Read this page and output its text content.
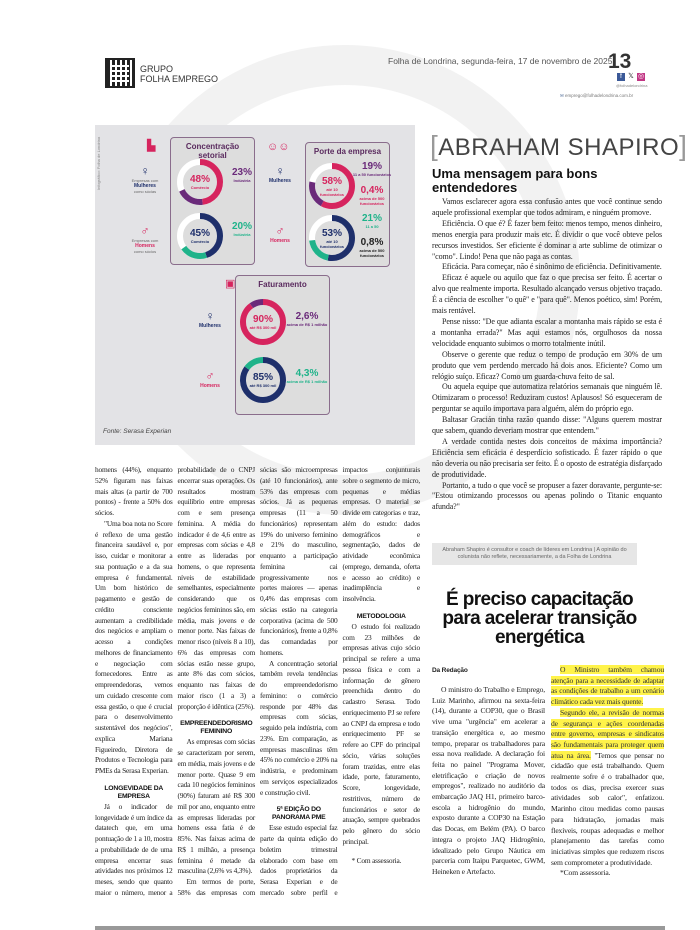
GRUPO
FOLHA EMPREGO
Folha de Londrina, segunda-feira, 17 de novembro de 2025
13
f 𝕏 ◎
@folhadelondrina
✉ emprego@folhadelondrina.com.br
Infográfico: Folha de Londrina	▙	☺☺
▣
♀
Empresas com
Mulheres
como sócias
♂
Empresas com
Homens
como sócios
♀
Mulheres
♂
Homens
♀
Mulheres
♂
Homens
Concentração setorial
48%
Comércio
23%
Indústria
45%
Comércio
20%
Indústria
Porte da empresa
58%
até 10 funcionários
19%
11 a 50 funcionários
0,4%
acima de 500 funcionários
53%
até 10 funcionários
21%
11 a 50
0,8%
acima de 500 funcionários
Faturamento
90%
até R$ 300 mil
2,6%
acima de R$ 1 milhão
85%
até R$ 300 mil
4,3%
acima de R$ 1 milhão
Fonte: Serasa Experian

homens (44%), enquanto 52% figuram nas faixas mais altas (a partir de 700 pontos) - frente a 50% dos sócios.

"Uma boa nota no Score é reflexo de uma gestão financeira saudável e, por isso, cuidar e monitorar a sua pontuação e a da sua empresa é fundamental. Um bom histórico de pagamento e gestão de crédito consciente aumentam a credibilidade dos negócios e ampliam o acesso a condições melhores de financiamento e negociação com fornecedores. Entre as empreendedoras, vemos um cuidado crescente com essa gestão, o que é crucial para o desenvolvimento sustentável dos negócios", explica Mariana Figueiredo, Diretora de Produtos e Tecnologia para PMEs da Serasa Experian.

LONGEVIDADE DA EMPRESA

Já o indicador de longevidade é um índice da datatech que, em uma pontuação de 1 a 10, mostra a probabilidade de de uma empresa encerrar suas atividades nos próximos 12 meses, sendo que quanto maior o número, menor a probabilidade de o CNPJ encerrar suas operações. Os resultados mostram equilíbrio entre empresas com e sem presença feminina. A média do indicador é de 4,6 entre as empresas com sócias e 4,8 entre as lideradas por homens, o que representa níveis de estabilidade semelhantes, especialmente considerando que os negócios femininos são, em média, mais jovens e de menor porte. Nas faixas de menor risco (níveis 8 a 10), 6% das empresas com sócias estão nesse grupo, ante 8% das com sócios, enquanto nas faixas de maior risco (1 a 3) a proporção é idêntica (25%).

EMPREENDEDORISMO FEMININO

As empresas com sócias se caracterizam por serem, em média, mais jovens e de menor porte. Quase 9 em cada 10 negócios femininos (90%) faturam até R$ 300 mil por ano, enquanto entre as empresas lideradas por homens essa fatia é de 85%. Nas faixas acima de R$ 1 milhão, a presença feminina é metade da masculina (2,6% vs 4,3%).

Em termos de porte, 58% das empresas com sócias são microempresas (até 10 funcionários), ante 53% das empresas com sócios. Já as pequenas empresas (11 a 50 funcionários) representam 19% do universo feminino e 21% do masculino, enquanto a participação feminina cai progressivamente nos portes maiores — apenas 0,4% das empresas com sócias estão na categoria corporativa (acima de 500 funcionários), frente a 0,8% das comandadas por homens.

A concentração setorial também revela tendências do empreendedorismo feminino: o comércio responde por 48% das empresas com sócias, seguido pela indústria, com 23%. Em comparação, as empresas masculinas têm 45% no comércio e 20% na indústria, e predominam em serviços especializados e construção civil.

5ª EDIÇÃO DO PANORAMA PME

Esse estudo especial faz parte da quinta edição do boletim trimestral elaborado com base em dados proprietários da Serasa Experian e de mercado sobre perfil e impactos conjunturais sobre o segmento de micro, pequenas e médias empresas. O material se divide em categorias e traz, além do estudo: dados demográficos e segmentação, dados de atividade econômica (emprego, demanda, oferta e acesso ao crédito) e inadimplência e insolvência.

METODOLOGIA

O estudo foi realizado com 23 milhões de empresas ativas cujo sócio principal se refere a uma pessoa física e com a informação de gênero preenchida dentro do cadastro Serasa. Todo enriquecimento PJ se refere ao CNPJ da empresa e todo enriquecimento PF se refere ao CPF do principal sócio, várias soluções foram trazidas, entre elas idade, porte, faturamento, Score, longevidade, restritivos, número de funcionários e setor de atuação, sempre quebrados pelo gênero do sócio principal.

* Com assessoria.

[ABRAHAM SHAPIRO]
Uma mensagem para bons entendedores

Vamos esclarecer agora essa confusão antes que você continue sendo aquele profissional exemplar que todos admiram, e ninguém promove.

Eficiência. O que é? É fazer bem feito: menos tempo, menos dinheiro, menos energia para produzir mais etc. É dividir o que você obteve pelos recursos investidos. Ser eficiente é dominar a arte sublime de otimizar o "como". Lindo! Pena que não paga as contas.

Eficácia. Para começar, não é sinônimo de eficiência. Definitivamente.

Eficaz é aquele ou aquilo que faz o que precisa ser feito. É acertar o alvo que realmente importa. Resultado alcançado versus objetivo traçado. É a ciência de escolher "o quê" e "para quê". Menos poético, sim! Porém, mais rentável.

Pense nisso: "De que adianta escalar a montanha mais rápido se esta é a montanha errada?" Mas aqui estamos nós, orgulhosos da nossa velocidade enquanto subimos o morro totalmente inútil.

Observe o gerente que reduz o tempo de produção em 30% de um produto que vem perdendo mercado há dois anos. Eficiente? Como um relógio suíço. Eficaz? Como um guarda-chuva feito de sal.

Ou aquela equipe que automatiza relatórios semanais que ninguém lê. Otimizaram o processo! Reduziram custos! Aplausos! Só esqueceram de perguntar se aquilo importava para alguém, além do próprio ego.

Baltasar Gracián tinha razão quando disse: "Alguns querem mostrar que sabem, quando deveriam mostrar que entendem."

A verdade contida nestes dois conceitos de máxima importância? Eficiência sem eficácia é desperdício sofisticado. É fazer rápido o que não deveria ou não precisaria ser feito. É o oposto de estratégia disfarçado de produtividade.

Portanto, a tudo o que você se propuser a fazer doravante, pergunte-se: "Estou otimizando processos ou apenas polindo o Titanic enquanto afunda?"

Abraham Shapiro é consultor e coach de líderes em Londrina | A opinião do colunista não reflete, necessariamente, a da Folha de Londrina
É preciso capacitação para acelerar transição energética
Da Redação

O ministro do Trabalho e Emprego, Luiz Marinho, afirmou na sexta-feira (14), durante a COP30, que o Brasil vive uma "urgência" em acelerar a transição energética e, ao mesmo tempo, preparar os trabalhadores para essa nova realidade. A declaração foi feita no painel "Programa Mover, eletrificação e criação de novos empregos", realizado no auditório da embarcação JAQ H1, primeiro barco-escola a hidrogênio do mundo, exposto durante a COP30 na Estação das Docas, em Belém (PA). O barco integra o projeto JAQ Hidrogênio, idealizado pelo Grupo Náutica em parceria com Itaipu Parquetec, GWM, Heineken e Artefacto.

O Ministro também chamou atenção para a necessidade de adaptar as condições de trabalho a um cenário climático cada vez mais quente.

Segundo ele, a revisão de normas de segurança e ações coordenadas entre governo, empresas e sindicatos são fundamentais para proteger quem atua na área. "Temos que pensar no cidadão que está trabalhando. Quem realmente sofre é o trabalhador que, todos os dias, precisa exercer suas atividades sob calor", enfatizou. Marinho citou medidas como pausas para hidratação, jornadas mais flexíveis, roupas adequadas e melhor planejamento das tarefas como iniciativas simples que reduzem riscos sem comprometer a produtividade.

*Com assessoria.
